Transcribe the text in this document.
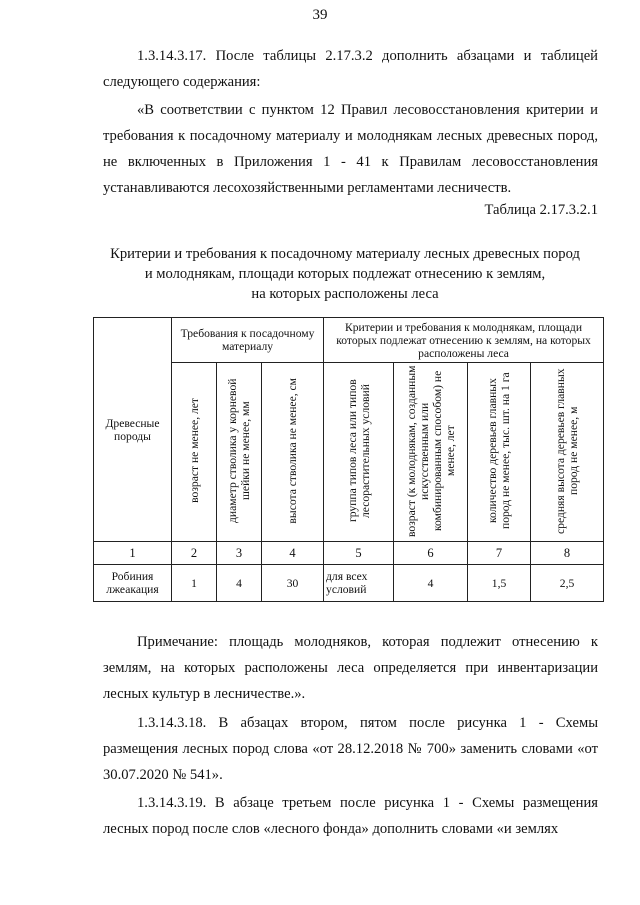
39
1.3.14.3.17. После таблицы 2.17.3.2 дополнить абзацами и таблицей следующего содержания:
«В соответствии с пунктом 12 Правил лесовосстановления критерии и требования к посадочному материалу и молоднякам лесных древесных пород, не включенных в Приложения 1 - 41 к Правилам лесовосстановления устанавливаются лесохозяйственными регламентами лесничеств.
Таблица 2.17.3.2.1
Критерии и требования к посадочному материалу лесных древесных пород
и молоднякам, площади которых подлежат отнесению к землям,
на которых расположены леса
Древесные породы	Требования к посадочному материалу			Критерии и требования к молоднякам, площади которых подлежат отнесению к землям, на которых расположены леса			
	возраст не менее, лет	диаметр стволика у корневой шейки не менее, мм	высота стволика не менее, см	группа типов леса или типов лесорастительных условий	возраст (к молоднякам, созданным искусственным или комбинированным способом) не менее, лет	количество деревьев главных пород не менее, тыс. шт. на 1 га	средняя высота деревьев главных пород не менее, м
1	2	3	4	5	6	7	8
Робиния лжеакация	1	4	30	для всех условий	4	1,5	2,5
Примечание: площадь молодняков, которая подлежит отнесению к землям, на которых расположены леса определяется при инвентаризации лесных культур в лесничестве.».
1.3.14.3.18. В абзацах втором, пятом после рисунка 1 - Схемы размещения лесных пород слова «от 28.12.2018 № 700» заменить словами «от 30.07.2020 № 541».
1.3.14.3.19. В абзаце третьем после рисунка 1 - Схемы размещения лесных пород после слов «лесного фонда» дополнить словами «и землях
